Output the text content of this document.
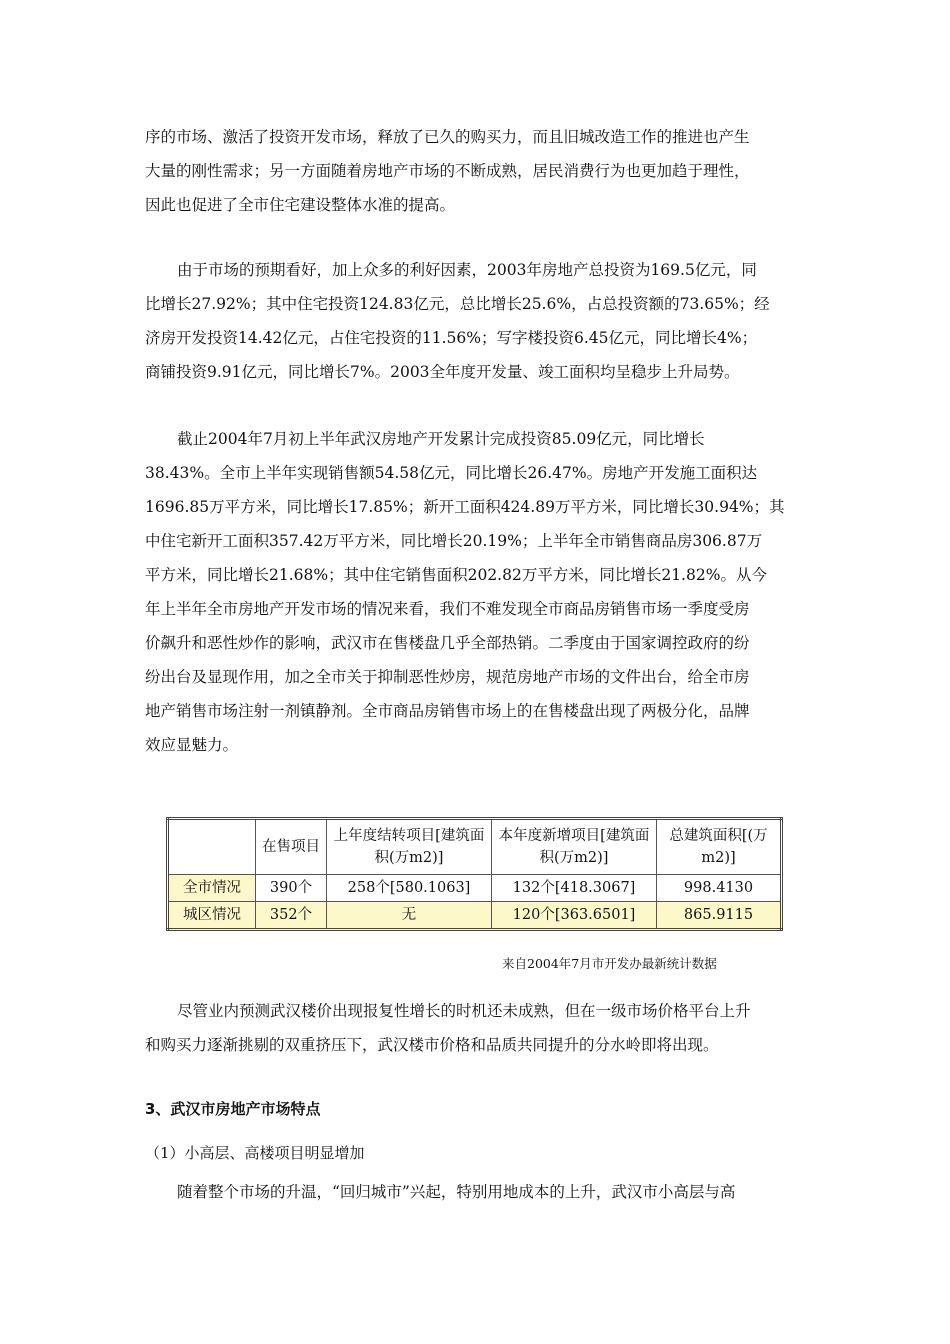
序的市场、激活了投资开发市场，释放了已久的购买力，而且旧城改造工作的推进也产生
大量的刚性需求；另一方面随着房地产市场的不断成熟，居民消费行为也更加趋于理性，
因此也促进了全市住宅建设整体水准的提高。

由于市场的预期看好，加上众多的利好因素，2003年房地产总投资为169.5亿元，同
比增长27.92%；其中住宅投资124.83亿元，总比增长25.6%，占总投资额的73.65%；经
济房开发投资14.42亿元，占住宅投资的11.56%；写字楼投资6.45亿元，同比增长4%；
商铺投资9.91亿元，同比增长7%。2003全年度开发量、竣工面积均呈稳步上升局势。

截止2004年7月初上半年武汉房地产开发累计完成投资85.09亿元，同比增长
38.43%。全市上半年实现销售额54.58亿元，同比增长26.47%。房地产开发施工面积达
1696.85万平方米，同比增长17.85%；新开工面积424.89万平方米，同比增长30.94%；其
中住宅新开工面积357.42万平方米，同比增长20.19%；上半年全市销售商品房306.87万
平方米，同比增长21.68%；其中住宅销售面积202.82万平方米，同比增长21.82%。从今
年上半年全市房地产开发市场的情况来看，我们不难发现全市商品房销售市场一季度受房
价飙升和恶性炒作的影响，武汉市在售楼盘几乎全部热销。二季度由于国家调控政府的纷
纷出台及显现作用，加之全市关于抑制恶性炒房，规范房地产市场的文件出台，给全市房
地产销售市场注射一剂镇静剂。全市商品房销售市场上的在售楼盘出现了两极分化，品牌
效应显魅力。

	在售项目	上年度结转项目[建筑面积(万m2)]	本年度新增项目[建筑面积(万m2)]	总建筑面积[(万m2)]
全市情况	390个	258个[580.1063]	132个[418.3067]	998.4130
城区情况	352个	无	120个[363.6501]	865.9115
来自2004年7月市开发办最新统计数据

尽管业内预测武汉楼价出现报复性增长的时机还未成熟，但在一级市场价格平台上升
和购买力逐渐挑剔的双重挤压下，武汉楼市价格和品质共同提升的分水岭即将出现。

3、武汉市房地产市场特点
（1）小高层、高楼项目明显增加
随着整个市场的升温，“回归城市”兴起，特别用地成本的上升，武汉市小高层与高
